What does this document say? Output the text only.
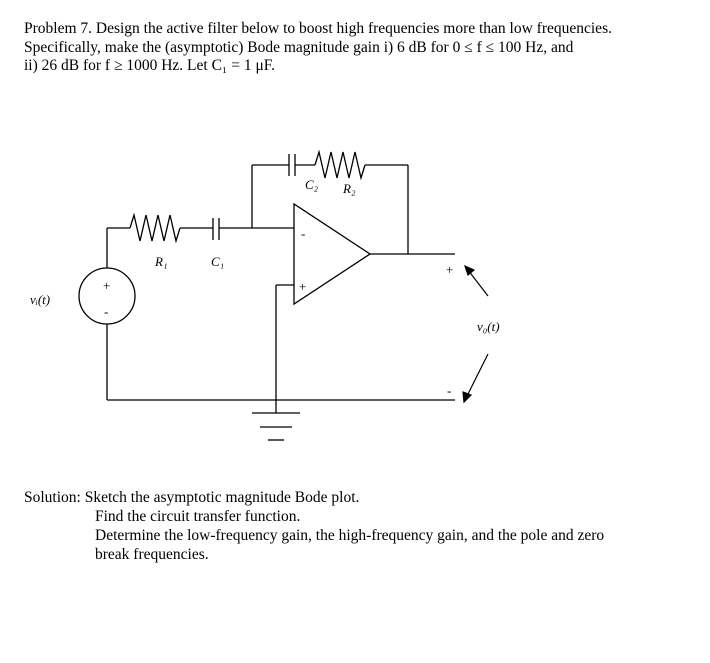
Problem 7. Design the active filter below to boost high frequencies more than low frequencies.
Specifically, make the (asymptotic) Bode magnitude gain i) 6 dB for 0 ≤ f ≤ 100 Hz, and
ii) 26 dB for f ≥ 1000 Hz. Let C₁ = 1 μF.
R₁	C₁
C₂ R₂
vᵢ(t)
v₀(t)
+
-
-
+
+
-
Solution: Sketch the asymptotic magnitude Bode plot.
Find the circuit transfer function.
Determine the low-frequency gain, the high-frequency gain, and the pole and zero
break frequencies.
